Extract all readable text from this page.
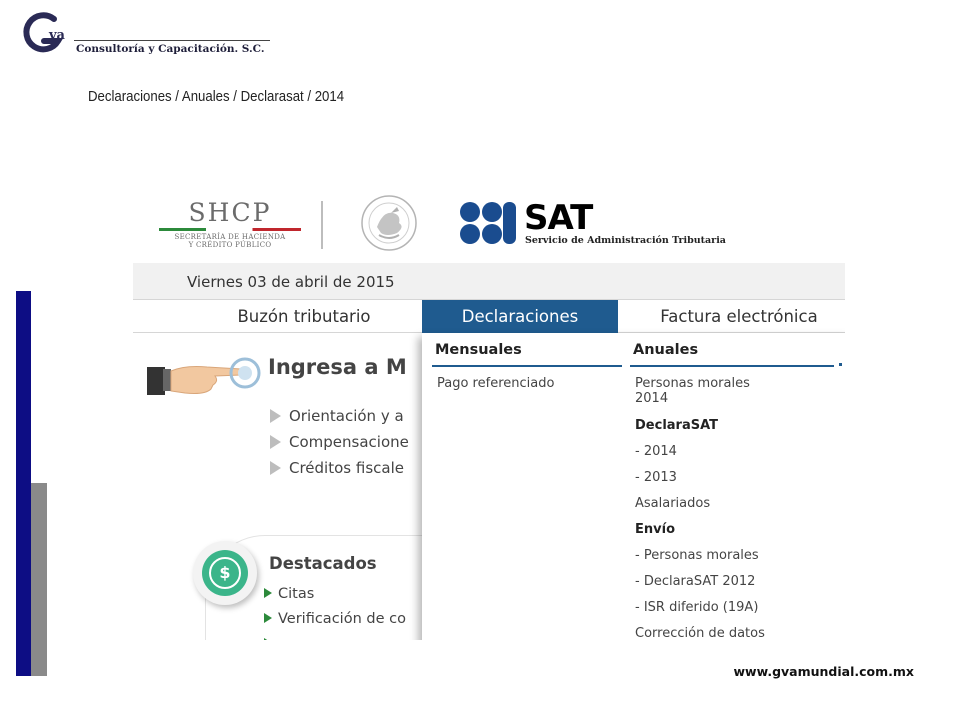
va
Consultoría y Capacitación. S.C.
Declaraciones / Anuales / Declarasat / 2014
SHCP
SECRETARÍA DE HACIENDA
Y CRÉDITO PÚBLICO
SAT
Servicio de Administración Tributaria
Viernes 03 de abril de 2015
Buzón tributario	Declaraciones	Factura electrónica
Ingresa a M
Orientación y a
Compensacione
Créditos fiscale
$	Destacados
Citas
Verificación de co
Mensuales	Anuales
Pago referenciado	Personas morales
2014
DeclaraSAT
- 2014
- 2013
Asalariados
Envío
- Personas morales
- DeclaraSAT 2012
- ISR diferido (19A)
Corrección de datos
www.gvamundial.com.mx
